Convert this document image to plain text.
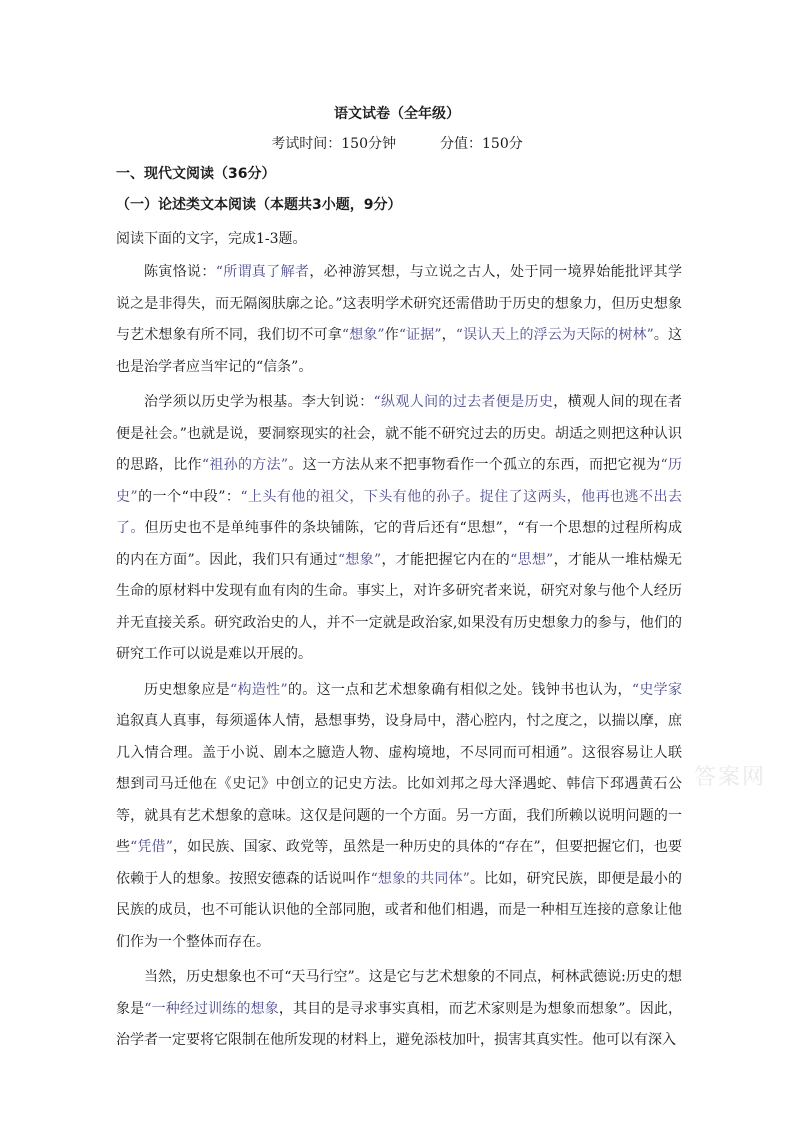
语文试卷（全年级）
考试时间：150分钟	分值：150分
一、现代文阅读（36分）
（一）论述类文本阅读（本题共3小题，9分）
阅读下面的文字，完成1-3题。

陈寅恪说：“所谓真了解者，必神游冥想，与立说之古人，处于同一境界始能批评其学说之是非得失，而无隔阂肤廓之论。”这表明学术研究还需借助于历史的想象力，但历史想象与艺术想象有所不同，我们切不可拿“想象”作“证据”，“误认天上的浮云为天际的树林”。这也是治学者应当牢记的“信条”。

治学须以历史学为根基。李大钊说：“纵观人间的过去者便是历史，横观人间的现在者便是社会。”也就是说，要洞察现实的社会，就不能不研究过去的历史。胡适之则把这种认识的思路，比作“祖孙的方法”。这一方法从来不把事物看作一个孤立的东西，而把它视为“历史”的一个“中段”：“上头有他的祖父，下头有他的孙子。捉住了这两头，他再也逃不出去了。但历史也不是单纯事件的条块铺陈，它的背后还有“思想”，“有一个思想的过程所构成的内在方面”。因此，我们只有通过“想象”，才能把握它内在的“思想”，才能从一堆枯燥无生命的原材料中发现有血有肉的生命。事实上，对许多研究者来说，研究对象与他个人经历并无直接关系。研究政治史的人，并不一定就是政治家,如果没有历史想象力的参与，他们的研究工作可以说是难以开展的。

历史想象应是“构造性”的。这一点和艺术想象确有相似之处。钱钟书也认为，“史学家追叙真人真事，每须遥体人情，悬想事势，设身局中，潜心腔内，忖之度之，以揣以摩，庶几入情合理。盖于小说、剧本之臆造人物、虚构境地，不尽同而可相通”。这很容易让人联想到司马迁他在《史记》中创立的记史方法。比如刘邦之母大泽遇蛇、韩信下邳遇黄石公等，就具有艺术想象的意味。这仅是问题的一个方面。另一方面，我们所赖以说明问题的一些“凭借”，如民族、国家、政党等，虽然是一种历史的具体的“存在”，但要把握它们，也要依赖于人的想象。按照安德森的话说叫作“想象的共同体”。比如，研究民族，即便是最小的民族的成员，也不可能认识他的全部同胞，或者和他们相遇，而是一种相互连接的意象让他们作为一个整体而存在。

当然，历史想象也不可“天马行空”。这是它与艺术想象的不同点，柯林武德说:历史的想象是“一种经过训练的想象，其目的是寻求事实真相，而艺术家则是为想象而想象”。因此，治学者一定要将它限制在他所发现的材料上，避免添枝加叶，损害其真实性。他可以有深入

答案网
